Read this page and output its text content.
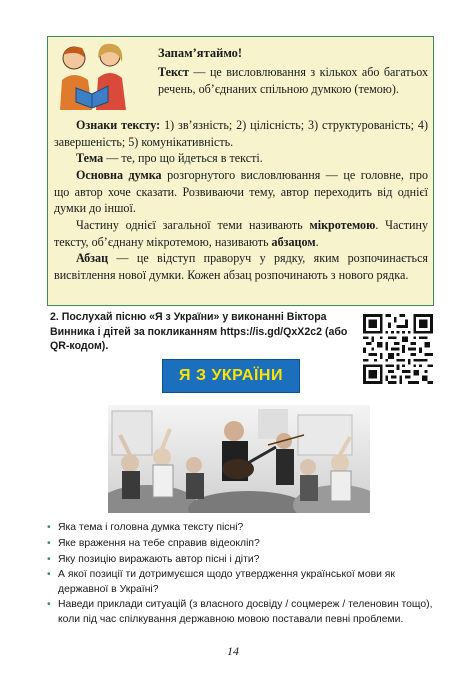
Запам’ятаймо!

Текст — це висловлювання з кількох або багатьох речень, об’єднаних спільною думкою (темою).

Ознаки тексту: 1) зв’язність; 2) цілісність; 3) структурованість; 4) завершеність; 5) комунікативність.

Тема — те, про що йдеться в тексті.

Основна думка розгорнутого висловлювання — це головне, про що автор хоче сказати. Розвиваючи тему, автор переходить від однієї думки до іншої.

Частину однієї загальної теми називають мікротемою. Частину тексту, об’єднану мікротемою, називають абзацом.

Абзац — це відступ праворуч у рядку, яким розпочинається висвітлення нової думки. Кожен абзац розпочинають з нового рядка.

2. Послухай пісню «Я з України» у виконанні Віктора Винника і дітей за покликанням https://is.gd/QxX2c2 (або QR-кодом).
Я З УКРАЇНИ
• Яка тема і головна думка тексту пісні?
• Яке враження на тебе справив відеокліп?
• Яку позицію виражають автор пісні і діти?
• А якої позиції ти дотримуєшся щодо утвердження української мови як державної в Україні?
• Наведи приклади ситуацій (з власного досвіду / соцмереж / теленовин тощо), коли під час спілкування державною мовою поставали певні проблеми.
14
